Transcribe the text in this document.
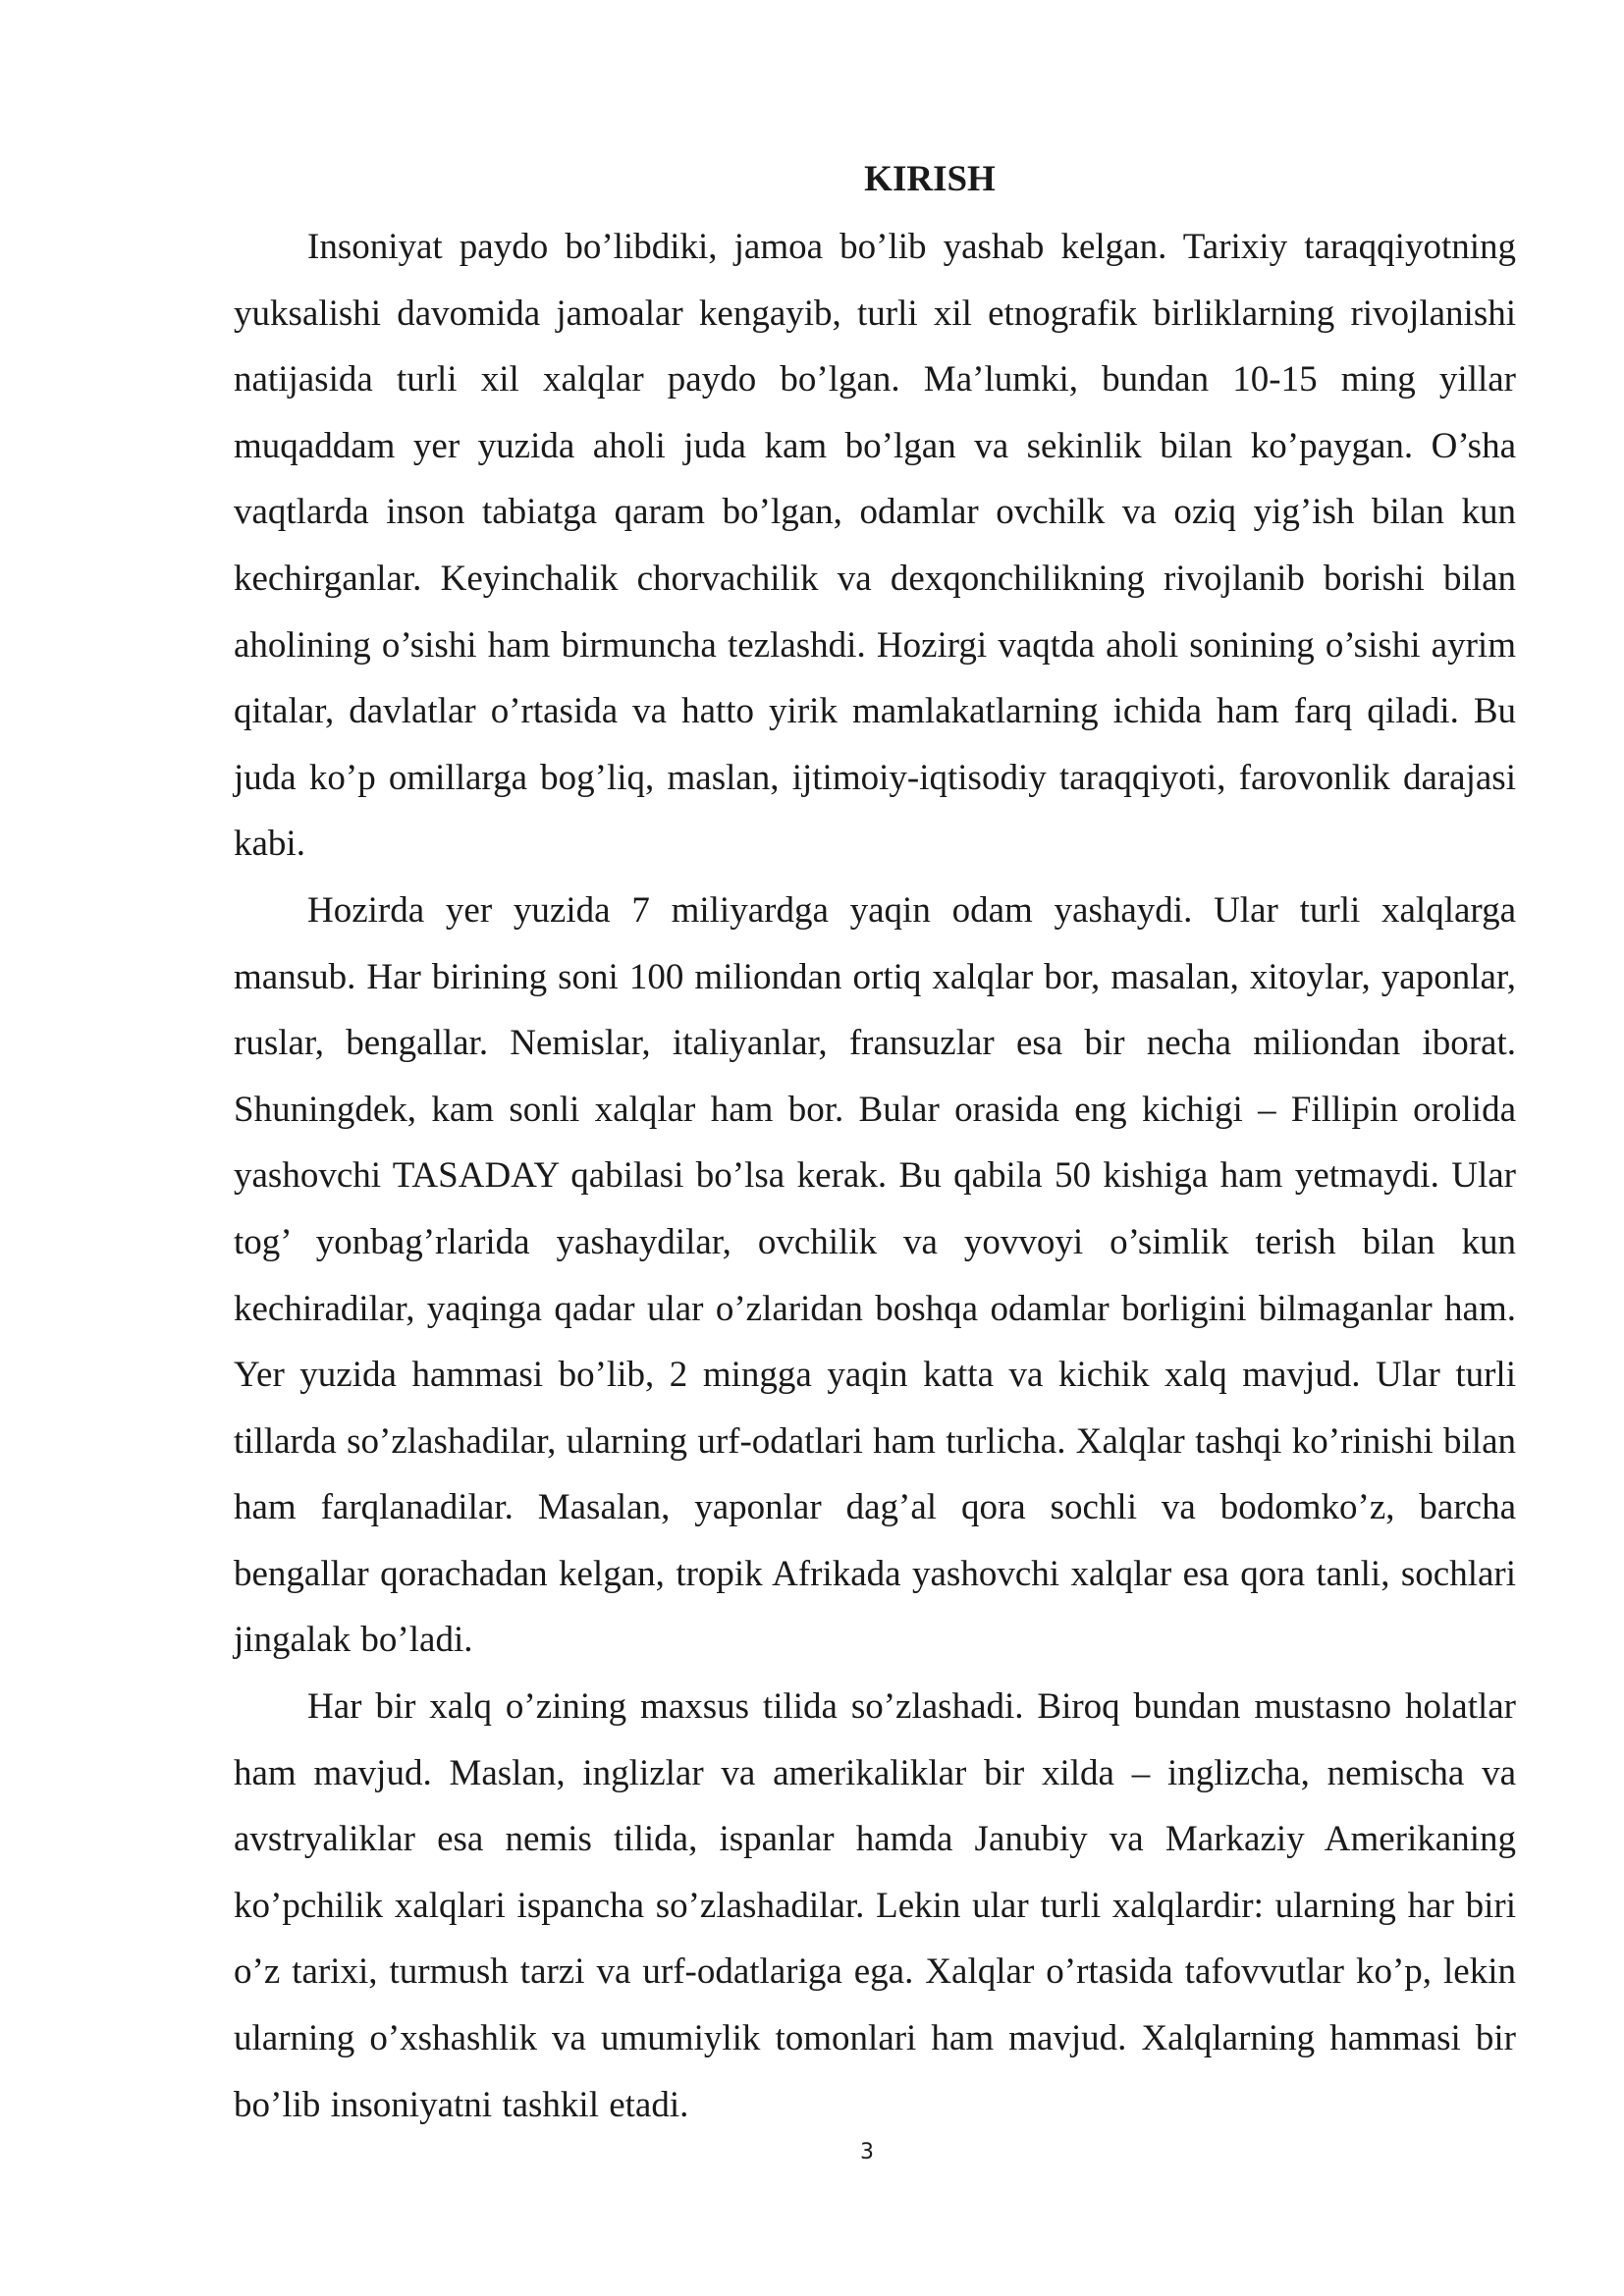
KIRISH

Insoniyat paydo bo’libdiki, jamoa bo’lib yashab kelgan. Tarixiy taraqqiyotning yuksalishi davomida jamoalar kengayib, turli xil etnografik birliklarning rivojlanishi natijasida turli xil xalqlar paydo bo’lgan. Ma’lumki, bundan 10-15 ming yillar muqaddam yer yuzida aholi juda kam bo’lgan va sekinlik bilan ko’paygan. O’sha vaqtlarda inson tabiatga qaram bo’lgan, odamlar ovchilk va oziq yig’ish bilan kun kechirganlar. Keyinchalik chorvachilik va dexqonchilikning rivojlanib borishi bilan aholining o’sishi ham birmuncha tezlashdi. Hozirgi vaqtda aholi sonining o’sishi ayrim qitalar, davlatlar o’rtasida va hatto yirik mamlakatlarning ichida ham farq qiladi. Bu juda ko’p omillarga bog’liq, maslan, ijtimoiy-iqtisodiy taraqqiyoti, farovonlik darajasi kabi.

Hozirda yer yuzida 7 miliyardga yaqin odam yashaydi. Ular turli xalqlarga mansub. Har birining soni 100 miliondan ortiq xalqlar bor, masalan, xitoylar, yaponlar, ruslar, bengallar. Nemislar, italiyanlar, fransuzlar esa bir necha miliondan iborat. Shuningdek, kam sonli xalqlar ham bor. Bular orasida eng kichigi – Fillipin orolida yashovchi TASADAY qabilasi bo’lsa kerak. Bu qabila 50 kishiga ham yetmaydi. Ular tog’ yonbag’rlarida yashaydilar, ovchilik va yovvoyi o’simlik terish bilan kun kechiradilar, yaqinga qadar ular o’zlaridan boshqa odamlar borligini bilmaganlar ham. Yer yuzida hammasi bo’lib, 2 mingga yaqin katta va kichik xalq mavjud. Ular turli tillarda so’zlashadilar, ularning urf-odatlari ham turlicha. Xalqlar tashqi ko’rinishi bilan ham farqlanadilar. Masalan, yaponlar dag’al qora sochli va bodomko’z, barcha bengallar qorachadan kelgan, tropik Afrikada yashovchi xalqlar esa qora tanli, sochlari jingalak bo’ladi.

Har bir xalq o’zining maxsus tilida so’zlashadi. Biroq bundan mustasno holatlar ham mavjud. Maslan, inglizlar va amerikaliklar bir xilda – inglizcha, nemischa va avstryaliklar esa nemis tilida, ispanlar hamda Janubiy va Markaziy Amerikaning ko’pchilik xalqlari ispancha so’zlashadilar. Lekin ular turli xalqlardir: ularning har biri o’z tarixi, turmush tarzi va urf-odatlariga ega. Xalqlar o’rtasida tafovvutlar ko’p, lekin ularning o’xshashlik va umumiylik tomonlari ham mavjud. Xalqlarning hammasi bir bo’lib insoniyatni tashkil etadi.

3
